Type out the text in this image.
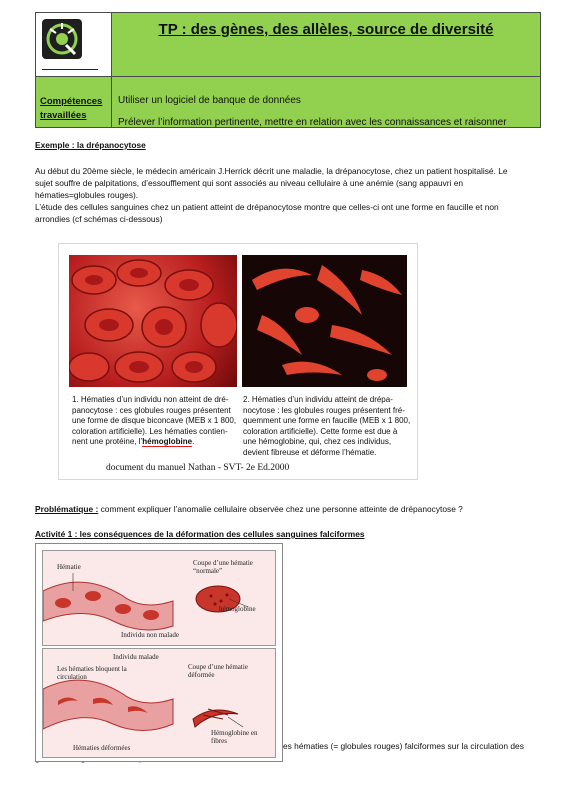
TP : des gènes, des allèles, source de diversité
Compétences travaillées
Utiliser un logiciel de banque de données
Prélever l’information pertinente, mettre en relation avec les connaissances et raisonner
Exemple : la drépanocytose
Au début du 20ème siècle, le médecin américain J.Herrick décrit une maladie, la drépanocytose, chez un patient hospitalisé. Le
sujet souffre de palpitations, d’essoufflement qui sont associés au niveau cellulaire à une anémie (sang appauvri en
hématies=globules rouges).
L’étude des cellules sanguines chez un patient atteint de drépanocytose montre que celles-ci ont une forme en faucille et non
arrondies (cf schémas ci-dessous)
1. Hématies d’un individu non atteint de dré-
panocytose : ces globules rouges présentent
une forme de disque biconcave (MEB x 1 800,
coloration artificielle). Les hématies contien-
nent une protéine, l’hémoglobine.
2. Hématies d’un individu atteint de drépa-
nocytose : les globules rouges présentent fré-
quemment une forme en faucille (MEB x 1 800,
coloration artificielle). Cette forme est due à
une hémoglobine, qui, chez ces individus,
devient fibreuse et déforme l’hématie.
document du manuel Nathan - SVT- 2e Ed.2000
Problématique : comment expliquer l’anomalie cellulaire observée chez une personne atteinte de drépanocytose ?
Activité 1 : les conséquences de la déformation des cellules sanguines falciformes
es hématies (= globules rouges) falciformes sur la circulation des
Hématie	Coupe d’une hématie “normale”
hémoglobine
Individu non malade
Individu malade
Les hématies bloquent la circulation
Coupe d’une hématie déformée
Hémoglobine en fibres
Hématies déformées
